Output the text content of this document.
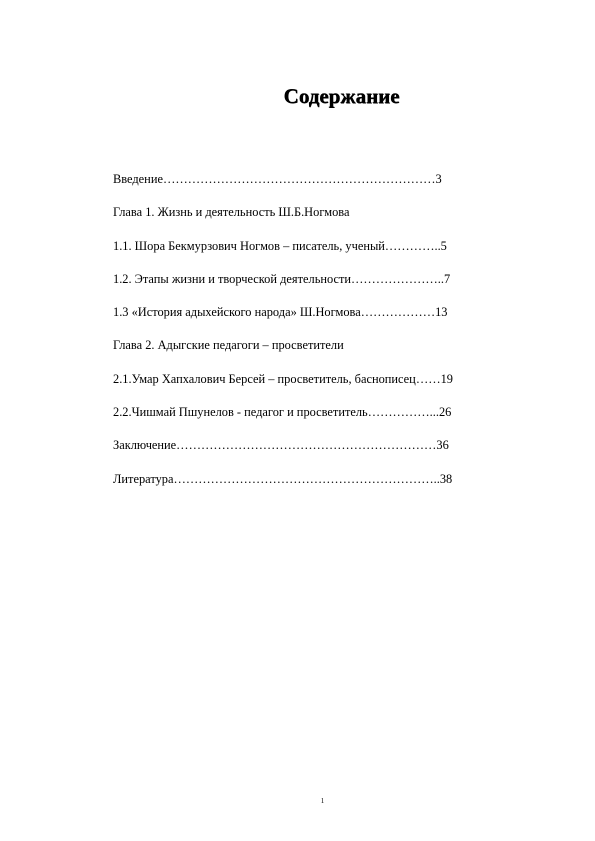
Содержание
Введение…………………………………………………………3
Глава 1. Жизнь и деятельность Ш.Б.Ногмова
1.1. Шора Бекмурзович Ногмов – писатель, ученый…………..5
1.2. Этапы жизни и творческой деятельности…………………..7
1.3 «История адыхейского народа» Ш.Ногмова………………13
Глава 2. Адыгские педагоги – просветители
2.1.Умар Хапхалович Берсей – просветитель, баснописец……19
2.2.Чишмай Пшунелов - педагог и просветитель……………...26
Заключение………………………………………………………36
Литература………………………………………………………..38
1
